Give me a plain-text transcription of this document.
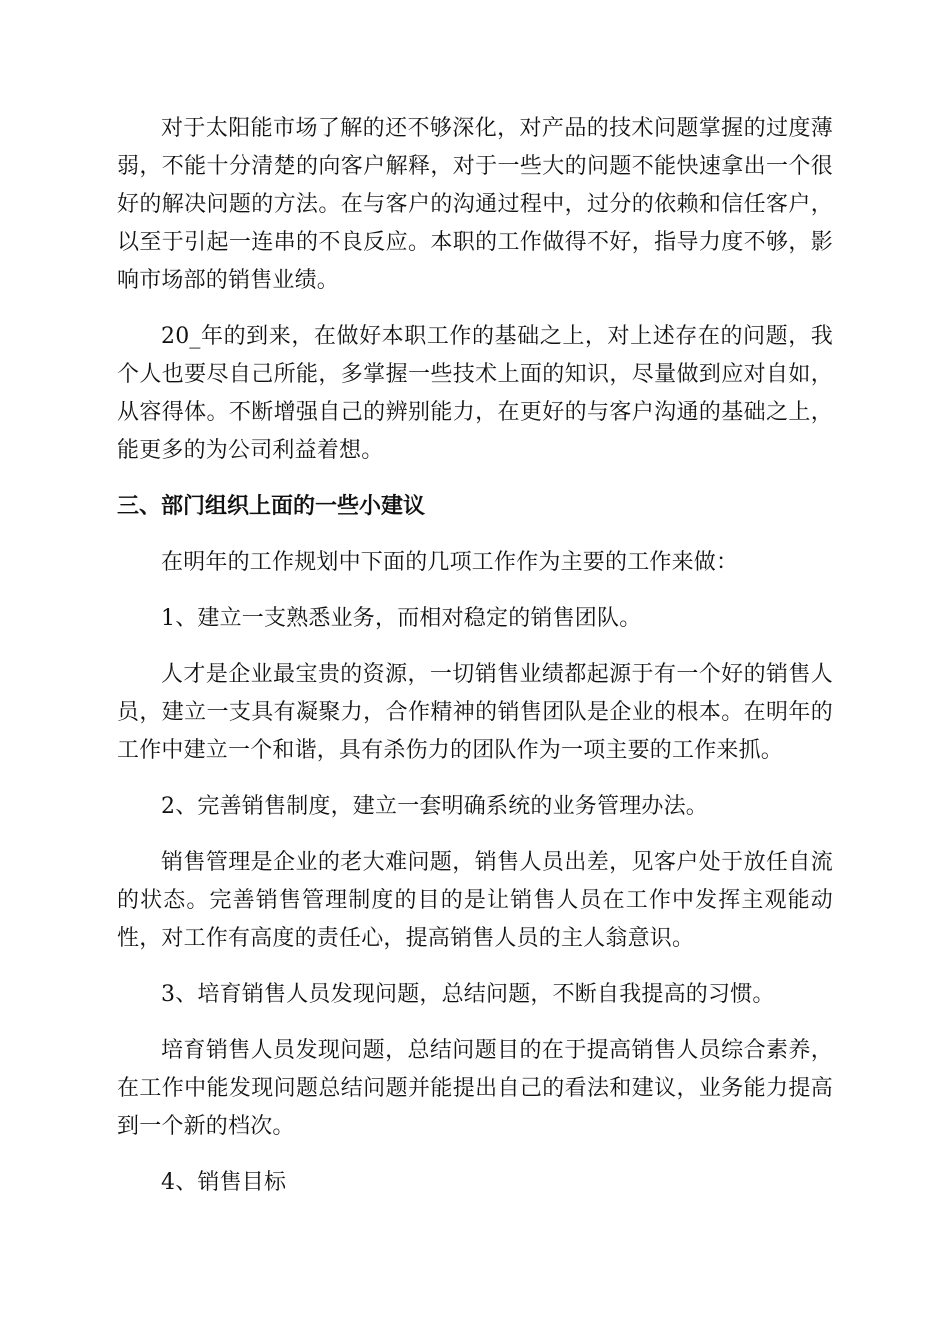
对于太阳能市场了解的还不够深化，对产品的技术问题掌握的过度薄弱，不能十分清楚的向客户解释，对于一些大的问题不能快速拿出一个很好的解决问题的方法。在与客户的沟通过程中，过分的依赖和信任客户，以至于引起一连串的不良反应。本职的工作做得不好，指导力度不够，影响市场部的销售业绩。

20_年的到来，在做好本职工作的基础之上，对上述存在的问题，我个人也要尽自己所能，多掌握一些技术上面的知识，尽量做到应对自如，从容得体。不断增强自己的辨别能力，在更好的与客户沟通的基础之上，能更多的为公司利益着想。

三、部门组织上面的一些小建议

在明年的工作规划中下面的几项工作作为主要的工作来做：

1、建立一支熟悉业务，而相对稳定的销售团队。

人才是企业最宝贵的资源，一切销售业绩都起源于有一个好的销售人员，建立一支具有凝聚力，合作精神的销售团队是企业的根本。在明年的工作中建立一个和谐，具有杀伤力的团队作为一项主要的工作来抓。

2、完善销售制度，建立一套明确系统的业务管理办法。

销售管理是企业的老大难问题，销售人员出差，见客户处于放任自流的状态。完善销售管理制度的目的是让销售人员在工作中发挥主观能动性，对工作有高度的责任心，提高销售人员的主人翁意识。

3、培育销售人员发现问题，总结问题，不断自我提高的习惯。

培育销售人员发现问题，总结问题目的在于提高销售人员综合素养，在工作中能发现问题总结问题并能提出自己的看法和建议，业务能力提高到一个新的档次。

4、销售目标
